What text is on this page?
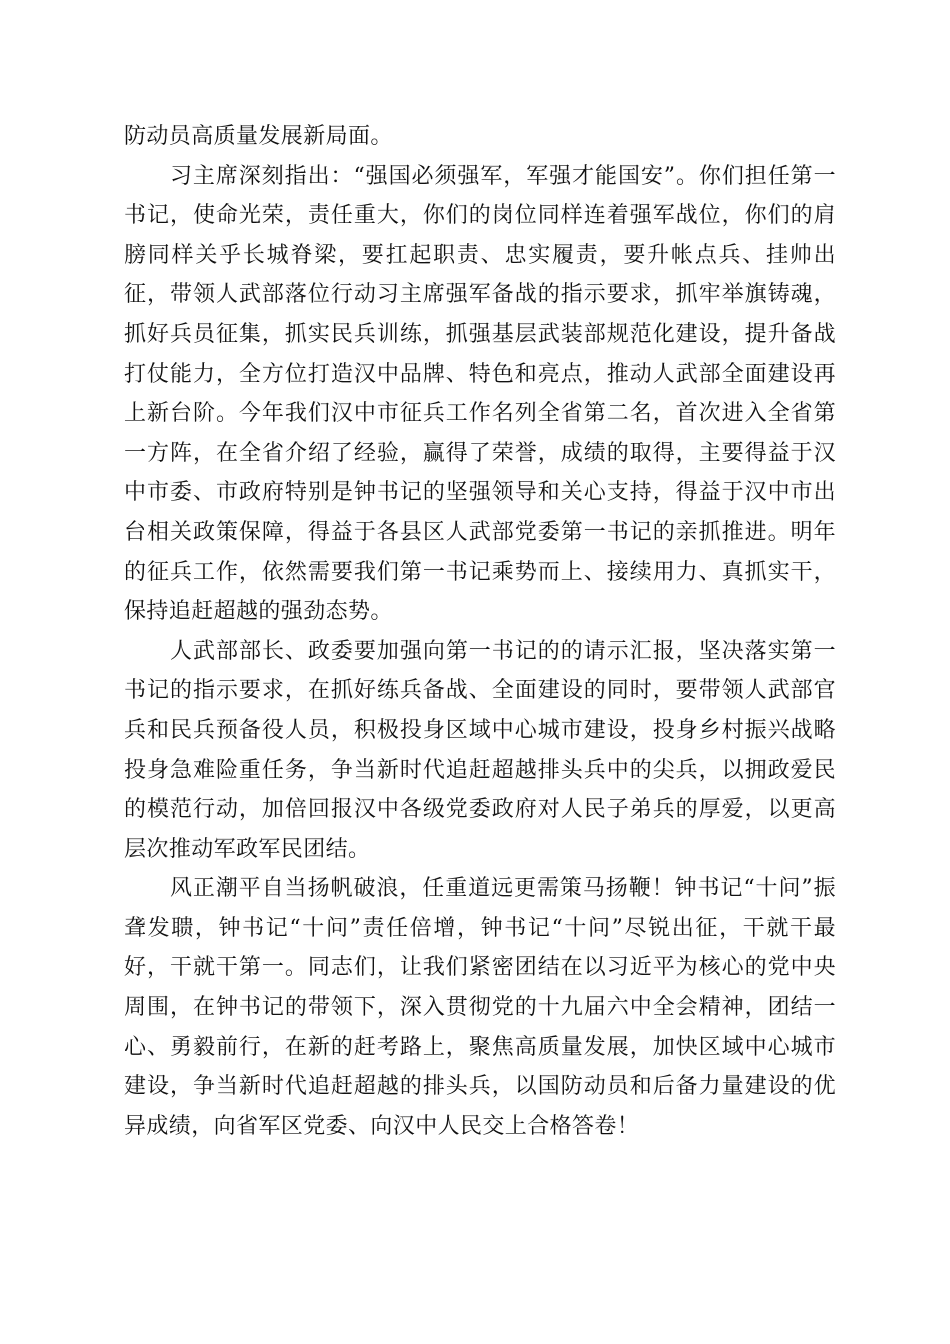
防动员高质量发展新局面。

习主席深刻指出：“强国必须强军，军强才能国安”。你们担任第一书记，使命光荣，责任重大，你们的岗位同样连着强军战位，你们的肩膀同样关乎长城脊梁，要扛起职责、忠实履责，要升帐点兵、挂帅出征，带领人武部落位行动习主席强军备战的指示要求，抓牢举旗铸魂，抓好兵员征集，抓实民兵训练，抓强基层武装部规范化建设，提升备战打仗能力，全方位打造汉中品牌、特色和亮点，推动人武部全面建设再上新台阶。今年我们汉中市征兵工作名列全省第二名，首次进入全省第一方阵，在全省介绍了经验，赢得了荣誉，成绩的取得，主要得益于汉中市委、市政府特别是钟书记的坚强领导和关心支持，得益于汉中市出台相关政策保障，得益于各县区人武部党委第一书记的亲抓推进。明年的征兵工作，依然需要我们第一书记乘势而上、接续用力、真抓实干，保持追赶超越的强劲态势。

人武部部长、政委要加强向第一书记的的请示汇报，坚决落实第一书记的指示要求，在抓好练兵备战、全面建设的同时，要带领人武部官兵和民兵预备役人员，积极投身区域中心城市建设，投身乡村振兴战略投身急难险重任务，争当新时代追赶超越排头兵中的尖兵，以拥政爱民的模范行动，加倍回报汉中各级党委政府对人民子弟兵的厚爱，以更高层次推动军政军民团结。

风正潮平自当扬帆破浪，任重道远更需策马扬鞭！钟书记“十问”振聋发聩，钟书记“十问”责任倍增，钟书记“十问”尽锐出征，干就干最好，干就干第一。同志们，让我们紧密团结在以习近平为核心的党中央周围，在钟书记的带领下，深入贯彻党的十九届六中全会精神，团结一心、勇毅前行，在新的赶考路上，聚焦高质量发展，加快区域中心城市建设，争当新时代追赶超越的排头兵，以国防动员和后备力量建设的优异成绩，向省军区党委、向汉中人民交上合格答卷！
